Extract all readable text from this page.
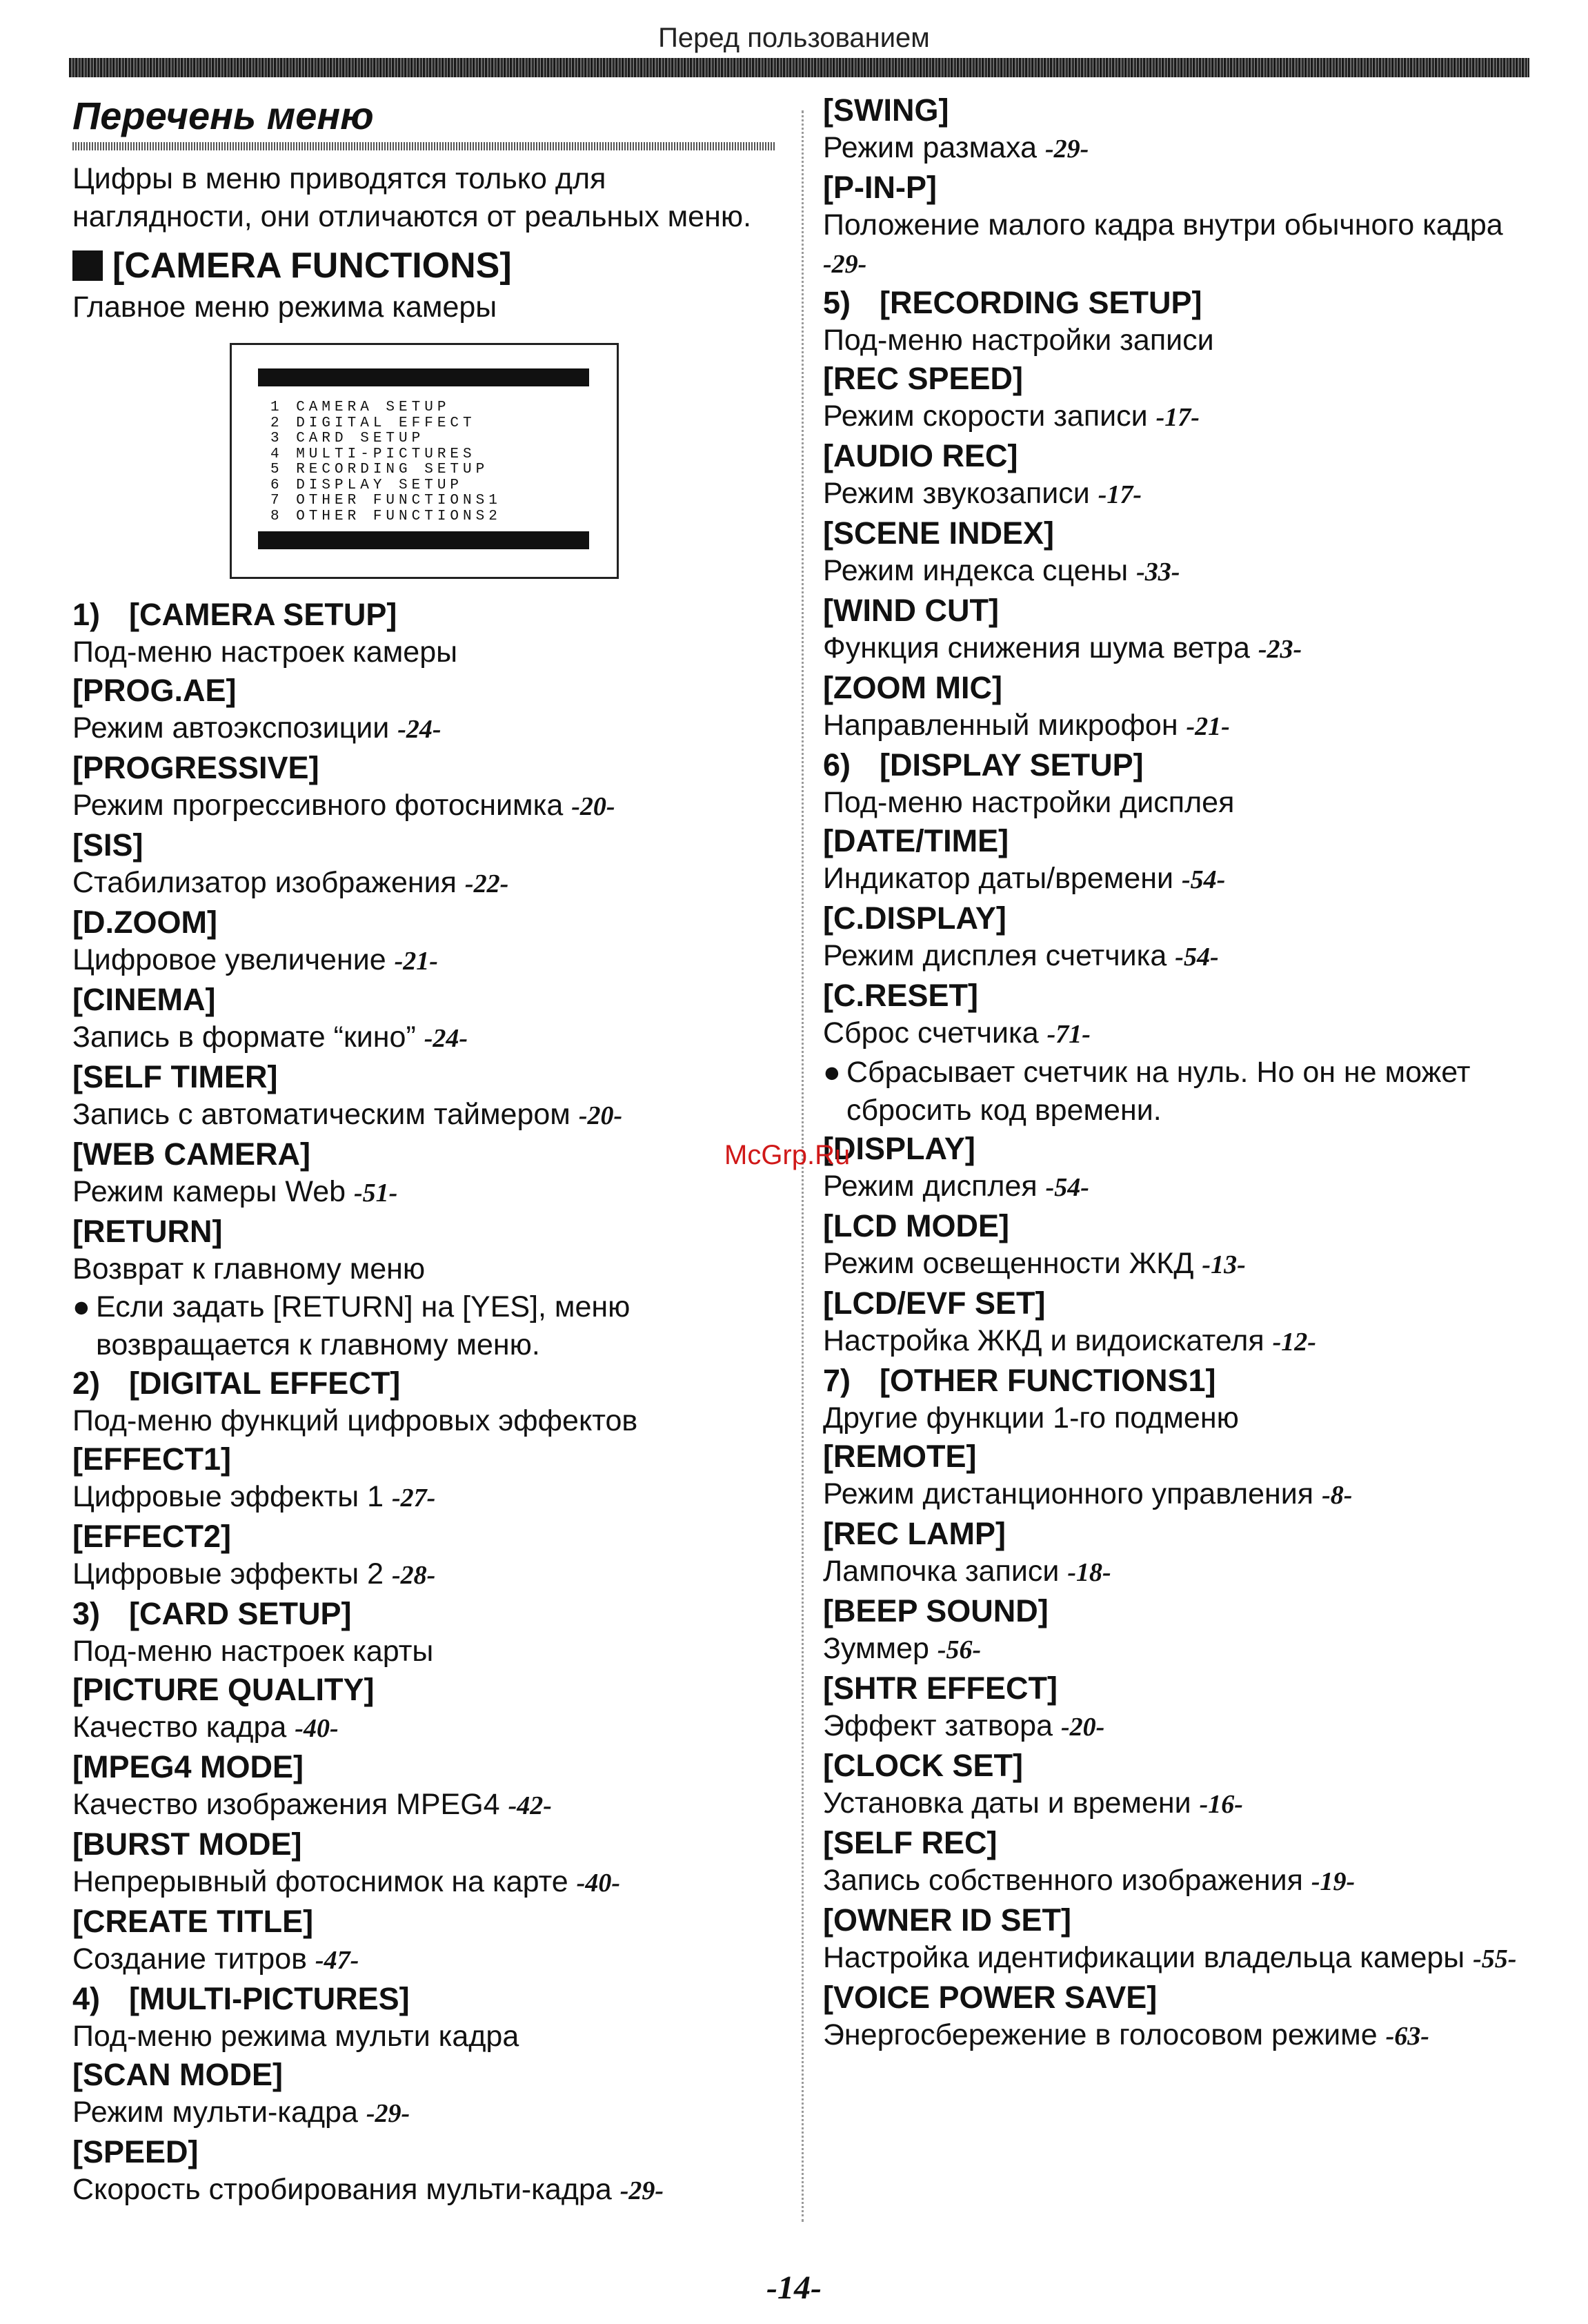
Перед пользованием
Перечень меню
Цифры в меню приводятся только для наглядности, они отличаются от реальных меню.
[CAMERA FUNCTIONS]
Главное меню режима камеры
1 CAMERA SETUP
2 DIGITAL EFFECT
3 CARD SETUP
4 MULTI-PICTURES
5 RECORDING SETUP
6 DISPLAY SETUP
7 OTHER FUNCTIONS1
8 OTHER FUNCTIONS2
1) [CAMERA SETUP]
Под-меню настроек камеры
[PROG.AE]
Режим автоэкспозиции -24-
[PROGRESSIVE]
Режим прогрессивного фотоснимка -20-
[SIS]
Стабилизатор изображения -22-
[D.ZOOM]
Цифровое увеличение -21-
[CINEMA]
Запись в формате “кино” -24-
[SELF TIMER]
Запись с автоматическим таймером -20-
[WEB CAMERA]
Режим камеры Web -51-
[RETURN]
Возврат к главному меню
● Если задать [RETURN] на [YES], меню возвращается к главному меню.
2) [DIGITAL EFFECT]
Под-меню функций цифровых эффектов
[EFFECT1]
Цифровые эффекты 1 -27-
[EFFECT2]
Цифровые эффекты 2 -28-
3) [CARD SETUP]
Под-меню настроек карты
[PICTURE QUALITY]
Качество кадра -40-
[MPEG4 MODE]
Качество изображения MPEG4 -42-
[BURST MODE]
Непрерывный фотоснимок на карте -40-
[CREATE TITLE]
Создание титров -47-
4) [MULTI-PICTURES]
Под-меню режима мульти кадра
[SCAN MODE]
Режим мульти-кадра -29-
[SPEED]
Скорость стробирования мульти-кадра -29-
[SWING]
Режим размаха -29-
[P-IN-P]
Положение малого кадра внутри обычного кадра -29-
5) [RECORDING SETUP]
Под-меню настройки записи
[REC SPEED]
Режим скорости записи -17-
[AUDIO REC]
Режим звукозаписи -17-
[SCENE INDEX]
Режим индекса сцены -33-
[WIND CUT]
Функция снижения шума ветра -23-
[ZOOM MIC]
Направленный микрофон -21-
6) [DISPLAY SETUP]
Под-меню настройки дисплея
[DATE/TIME]
Индикатор даты/времени -54-
[C.DISPLAY]
Режим дисплея счетчика -54-
[C.RESET]
Сброс счетчика -71-
● Сбрасывает счетчик на нуль. Но он не может сбросить код времени.
[DISPLAY]
Режим дисплея -54-
[LCD MODE]
Режим освещенности ЖКД -13-
[LCD/EVF SET]
Настройка ЖКД и видоискателя -12-
7) [OTHER FUNCTIONS1]
Другие функции 1-го подменю
[REMOTE]
Режим дистанционного управления -8-
[REC LAMP]
Лампочка записи -18-
[BEEP SOUND]
Зуммер -56-
[SHTR EFFECT]
Эффект затвора -20-
[CLOCK SET]
Установка даты и времени -16-
[SELF REC]
Запись собственного изображения -19-
[OWNER ID SET]
Настройка идентификации владельца камеры -55-
[VOICE POWER SAVE]
Энергосбережение в голосовом режиме -63-
McGrp.Ru
-14-
